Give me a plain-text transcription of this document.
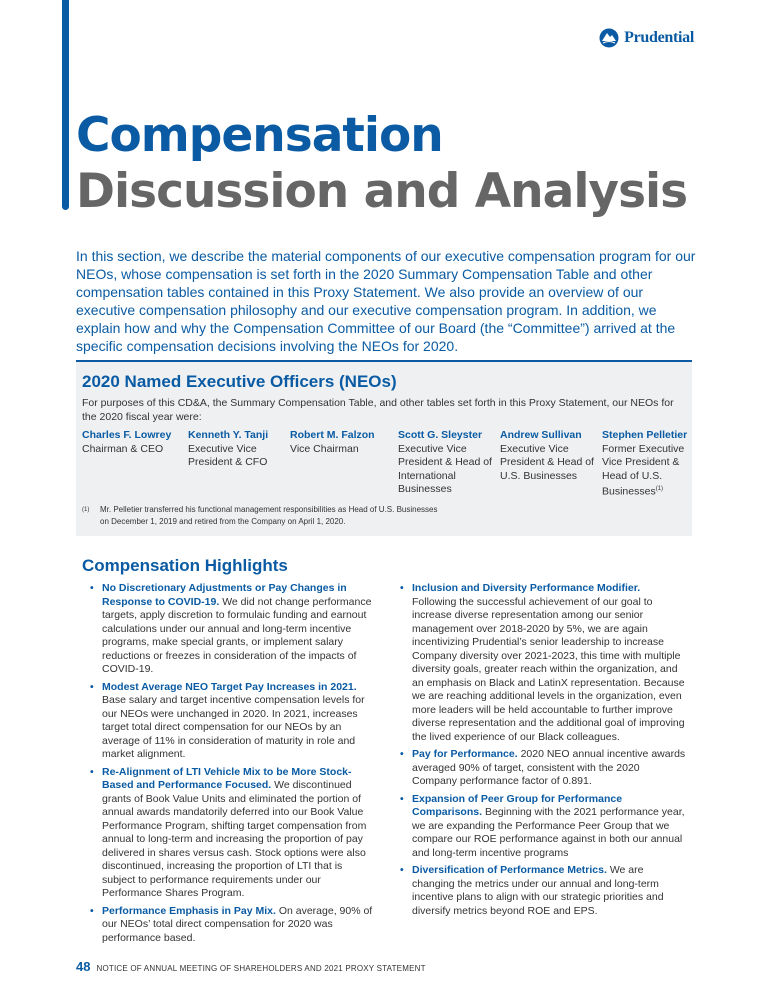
Prudential
Compensation
Discussion and Analysis

In this section, we describe the material components of our executive compensation program for our NEOs, whose compensation is set forth in the 2020 Summary Compensation Table and other compensation tables contained in this Proxy Statement. We also provide an overview of our executive compensation philosophy and our executive compensation program. In addition, we explain how and why the Compensation Committee of our Board (the “Committee”) arrived at the specific compensation decisions involving the NEOs for 2020.

2020 Named Executive Officers (NEOs)

For purposes of this CD&A, the Summary Compensation Table, and other tables set forth in this Proxy Statement, our NEOs for the 2020 fiscal year were:

Charles F. Lowrey
Chairman & CEO
Kenneth Y. Tanji
Executive Vice President & CFO
Robert M. Falzon
Vice Chairman
Scott G. Sleyster
Executive Vice President & Head of International Businesses
Andrew Sullivan
Executive Vice President & Head of U.S. Businesses
Stephen Pelletier
Former Executive Vice President & Head of U.S. Businesses$^{(1)}$
(1)	Mr. Pelletier transferred his functional management responsibilities as Head of U.S. Businesses on December 1, 2019 and retired from the Company on April 1, 2020.
Compensation Highlights
• No Discretionary Adjustments or Pay Changes in Response to COVID-19. We did not change performance targets, apply discretion to formulaic funding and earnout calculations under our annual and long-term incentive programs, make special grants, or implement salary reductions or freezes in consideration of the impacts of COVID-19.
• Modest Average NEO Target Pay Increases in 2021. Base salary and target incentive compensation levels for our NEOs were unchanged in 2020. In 2021, increases target total direct compensation for our NEOs by an average of 11% in consideration of maturity in role and market alignment.
• Re-Alignment of LTI Vehicle Mix to be More Stock-Based and Performance Focused. We discontinued grants of Book Value Units and eliminated the portion of annual awards mandatorily deferred into our Book Value Performance Program, shifting target compensation from annual to long-term and increasing the proportion of pay delivered in shares versus cash. Stock options were also discontinued, increasing the proportion of LTI that is subject to performance requirements under our Performance Shares Program.
• Performance Emphasis in Pay Mix. On average, 90% of our NEOs’ total direct compensation for 2020 was performance based.
• Inclusion and Diversity Performance Modifier. Following the successful achievement of our goal to increase diverse representation among our senior management over 2018-2020 by 5%, we are again incentivizing Prudential’s senior leadership to increase Company diversity over 2021-2023, this time with multiple diversity goals, greater reach within the organization, and an emphasis on Black and LatinX representation. Because we are reaching additional levels in the organization, even more leaders will be held accountable to further improve diverse representation and the additional goal of improving the lived experience of our Black colleagues.
• Pay for Performance. 2020 NEO annual incentive awards averaged 90% of target, consistent with the 2020 Company performance factor of 0.891.
• Expansion of Peer Group for Performance Comparisons. Beginning with the 2021 performance year, we are expanding the Performance Peer Group that we compare our ROE performance against in both our annual and long-term incentive programs
• Diversification of Performance Metrics. We are changing the metrics under our annual and long-term incentive plans to align with our strategic priorities and diversify metrics beyond ROE and EPS.
48 NOTICE OF ANNUAL MEETING OF SHAREHOLDERS AND 2021 PROXY STATEMENT
